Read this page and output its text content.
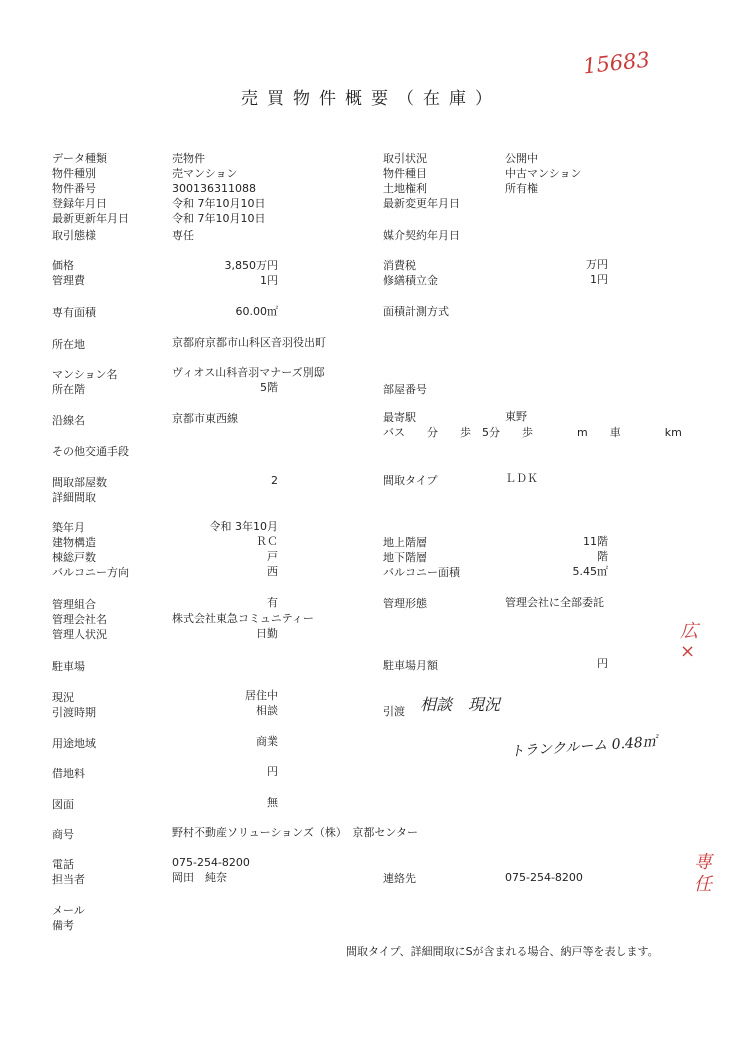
15683
売買物件概要（在庫）
データ種類	売物件	取引状況	公開中
物件種別	売マンション	物件種目	中古マンション
物件番号	300136311088	土地権利	所有権
登録年月日	令和 7年10月10日	最新変更年月日
最新更新年月日	令和 7年10月10日
取引態様	専任	媒介契約年月日
価格	3,850万円	消費税	万円
管理費	1円	修繕積立金	1円
専有面積	60.00㎡	面積計測方式
所在地	京都府京都市山科区音羽役出町
マンション名	ヴィオス山科音羽マナーズ別邸
所在階	5階	部屋番号
沿線名	京都市東西線	最寄駅	東野
バス　　分　　歩　5分　　歩　　　　m　　車　　　　km
その他交通手段
間取部屋数	2	間取タイプ	ＬＤＫ
詳細間取
築年月	令和 3年10月
建物構造	ＲＣ	地上階層	11階
棟総戸数	戸	地下階層	階
バルコニー方向	西	バルコニー面積	5.45㎡
管理組合	有	管理形態	管理会社に全部委託
管理会社名	株式会社東急コミュニティー
管理人状況	日勤
駐車場	駐車場月額	円
現況	居住中
引渡時期	相談	引渡 相談　現況
トランクルーム 0.48㎡
用途地域	商業
借地料	円
図面	無
商号	野村不動産ソリューションズ（株）　京都センター
電話	075-254-8200
担当者	岡田　純奈	連絡先	075-254-8200
メール
備考
広×
専任
間取タイプ、詳細間取にSが含まれる場合、納戸等を表します。
